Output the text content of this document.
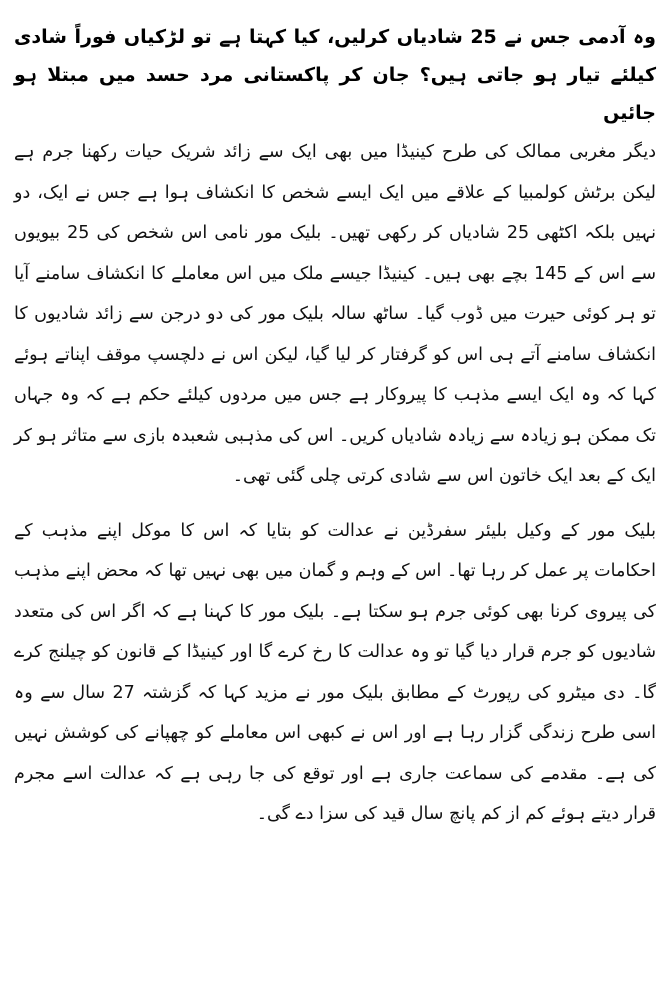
وہ آدمی جس نے 25 شادیاں کرلیں، کیا کہتا ہے تو لڑکیاں فوراً شادی کیلئے تیار ہو جاتی ہیں؟ جان کر پاکستانی مرد حسد میں مبتلا ہو جائیں

دیگر مغربی ممالک کی طرح کینیڈا میں بھی ایک سے زائد شریک حیات رکھنا جرم ہے لیکن برٹش کولمبیا کے علاقے میں ایک ایسے شخص کا انکشاف ہوا ہے جس نے ایک، دو نہیں بلکہ اکٹھی 25 شادیاں کر رکھی تھیں۔ بلیک مور نامی اس شخص کی 25 بیویوں سے اس کے 145 بچے بھی ہیں۔ کینیڈا جیسے ملک میں اس معاملے کا انکشاف سامنے آیا تو ہر کوئی حیرت میں ڈوب گیا۔ ساٹھ سالہ بلیک مور کی دو درجن سے زائد شادیوں کا انکشاف سامنے آتے ہی اس کو گرفتار کر لیا گیا، لیکن اس نے دلچسپ موقف اپناتے ہوئے کہا کہ وہ ایک ایسے مذہب کا پیروکار ہے جس میں مردوں کیلئے حکم ہے کہ وہ جہاں تک ممکن ہو زیادہ سے زیادہ شادیاں کریں۔ اس کی مذہبی شعبدہ بازی سے متاثر ہو کر ایک کے بعد ایک خاتون اس سے شادی کرتی چلی گئی تھی۔

بلیک مور کے وکیل بلیئر سفرڈین نے عدالت کو بتایا کہ اس کا موکل اپنے مذہب کے احکامات پر عمل کر رہا تھا۔ اس کے وہم و گمان میں بھی نہیں تھا کہ محض اپنے مذہب کی پیروی کرنا بھی کوئی جرم ہو سکتا ہے۔ بلیک مور کا کہنا ہے کہ اگر اس کی متعدد شادیوں کو جرم قرار دیا گیا تو وہ عدالت کا رخ کرے گا اور کینیڈا کے قانون کو چیلنج کرے گا۔ دی میٹرو کی رپورٹ کے مطابق بلیک مور نے مزید کہا کہ گزشتہ 27 سال سے وہ اسی طرح زندگی گزار رہا ہے اور اس نے کبھی اس معاملے کو چھپانے کی کوشش نہیں کی ہے۔ مقدمے کی سماعت جاری ہے اور توقع کی جا رہی ہے کہ عدالت اسے مجرم قرار دیتے ہوئے کم از کم پانچ سال قید کی سزا دے گی۔
